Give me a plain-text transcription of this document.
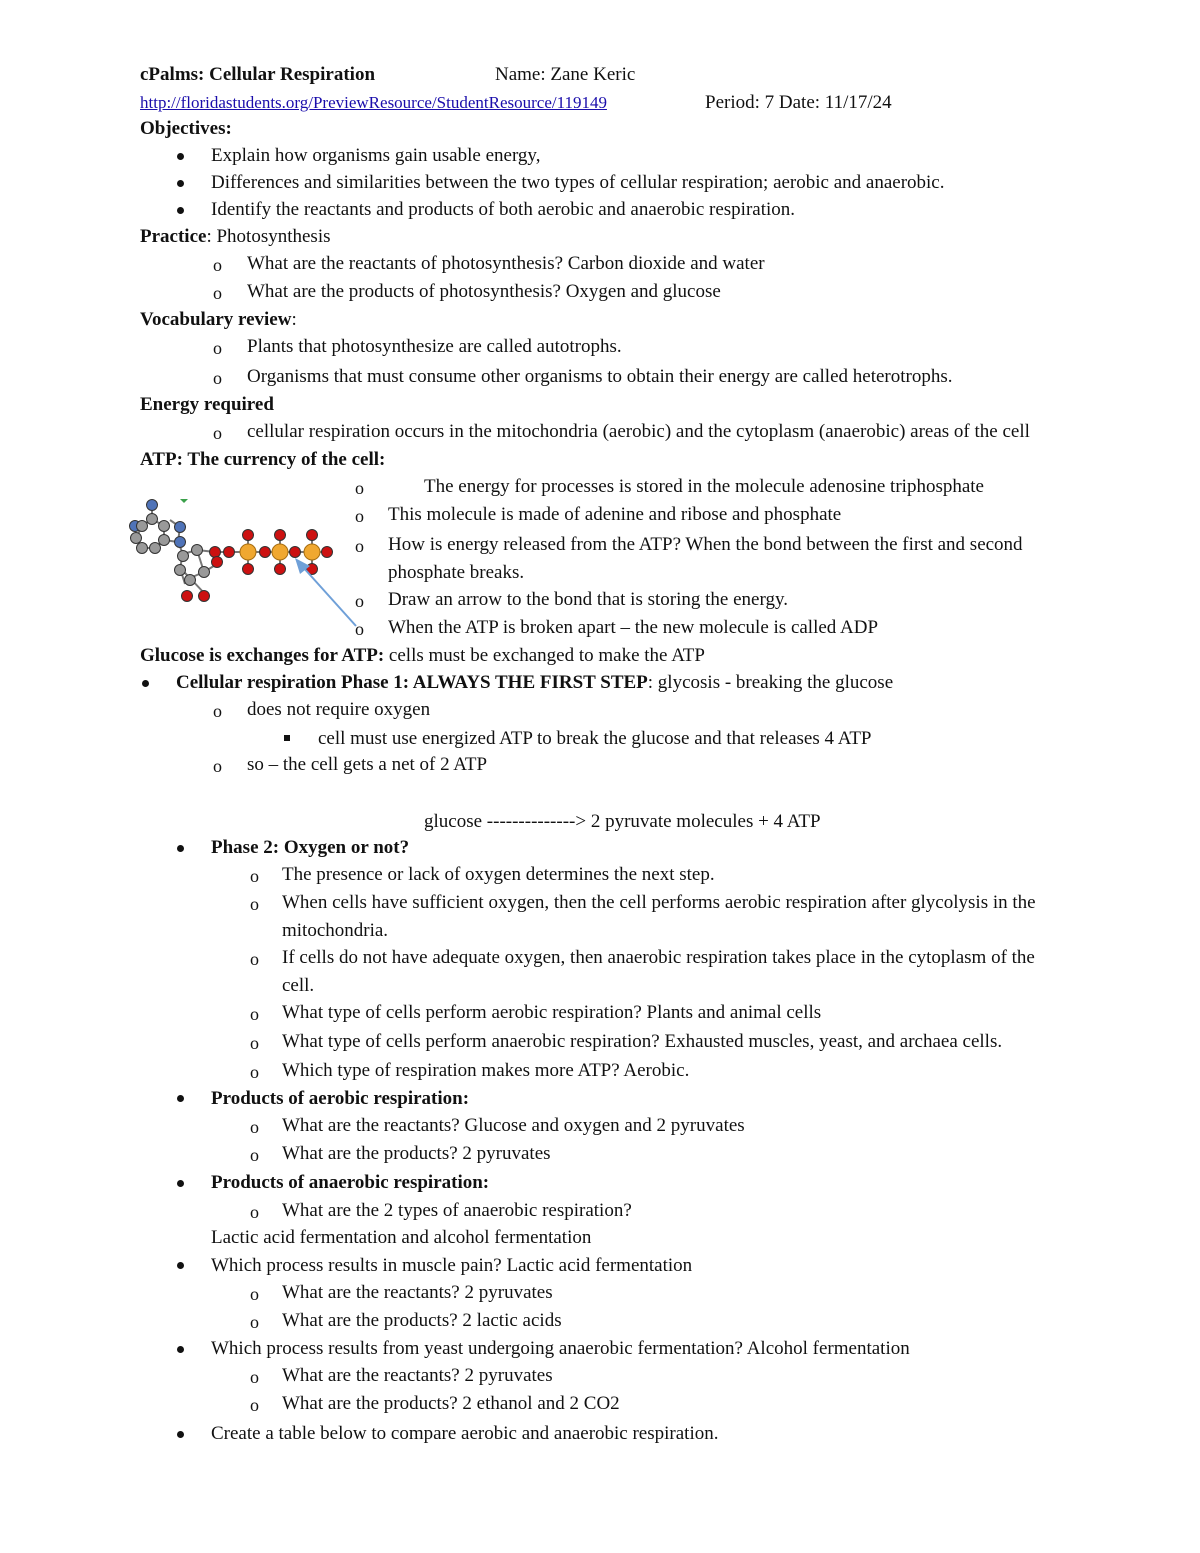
cPalms: Cellular Respiration	Name: Zane Keric
http://floridastudents.org/PreviewResource/StudentResource/119149	Period: 7 Date: 11/17/24
Objectives:
Explain how organisms gain usable energy,
Differences and similarities between the two types of cellular respiration; aerobic and anaerobic.
Identify the reactants and products of both aerobic and anaerobic respiration.
Practice: Photosynthesis
o What are the reactants of photosynthesis? Carbon dioxide and water
o What are the products of photosynthesis? Oxygen and glucose
Vocabulary review:
o Plants that photosynthesize are called autotrophs.
o Organisms that must consume other organisms to obtain their energy are called heterotrophs.
Energy required
o cellular respiration occurs in the mitochondria (aerobic) and the cytoplasm (anaerobic) areas of the cell
ATP: The currency of the cell:
o	The energy for processes is stored in the molecule adenosine triphosphate
o This molecule is made of adenine and ribose and phosphate
o How is energy released from the ATP? When the bond between the first and second
phosphate breaks.
o Draw an arrow to the bond that is storing the energy.
o When the ATP is broken apart – the new molecule is called ADP
Glucose is exchanges for ATP: cells must be exchanged to make the ATP
Cellular respiration Phase 1: ALWAYS THE FIRST STEP: glycosis - breaking the glucose
o does not require oxygen
cell must use energized ATP to break the glucose and that releases 4 ATP
o so – the cell gets a net of 2 ATP
glucose --------------> 2 pyruvate molecules + 4 ATP
Phase 2: Oxygen or not?
o The presence or lack of oxygen determines the next step.
o When cells have sufficient oxygen, then the cell performs aerobic respiration after glycolysis in the
mitochondria.
o If cells do not have adequate oxygen, then anaerobic respiration takes place in the cytoplasm of the
cell.
o What type of cells perform aerobic respiration? Plants and animal cells
o What type of cells perform anaerobic respiration? Exhausted muscles, yeast, and archaea cells.
o Which type of respiration makes more ATP? Aerobic.
Products of aerobic respiration:
o What are the reactants? Glucose and oxygen and 2 pyruvates
o What are the products? 2 pyruvates
Products of anaerobic respiration:
o What are the 2 types of anaerobic respiration?
Lactic acid fermentation and alcohol fermentation
Which process results in muscle pain? Lactic acid fermentation
o What are the reactants? 2 pyruvates
o What are the products? 2 lactic acids
Which process results from yeast undergoing anaerobic fermentation? Alcohol fermentation
o What are the reactants? 2 pyruvates
o What are the products? 2 ethanol and 2 CO2
Create a table below to compare aerobic and anaerobic respiration.
